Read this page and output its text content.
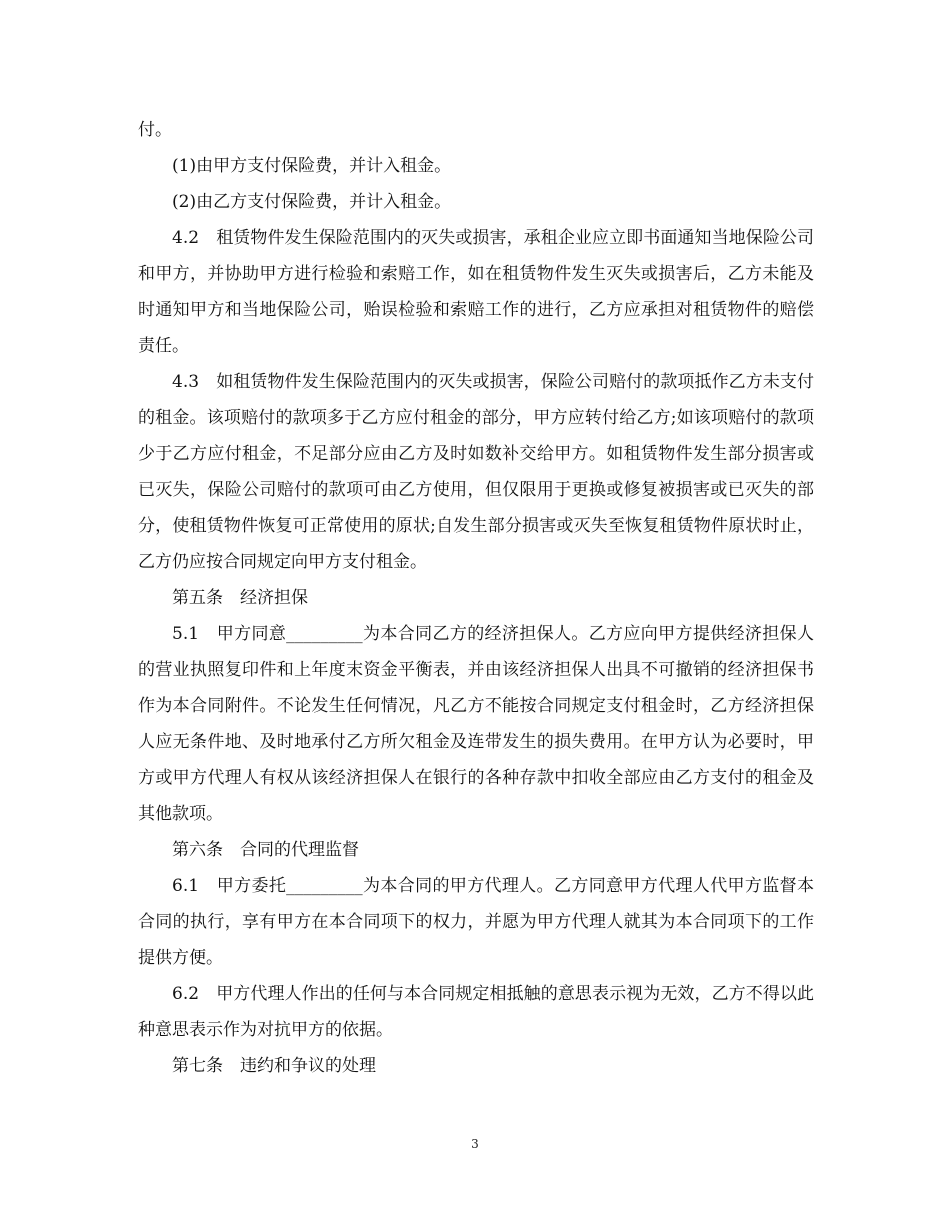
付。

(1)由甲方支付保险费，并计入租金。

(2)由乙方支付保险费，并计入租金。

4.2　租赁物件发生保险范围内的灭失或损害，承租企业应立即书面通知当地保险公司和甲方，并协助甲方进行检验和索赔工作，如在租赁物件发生灭失或损害后，乙方未能及时通知甲方和当地保险公司，贻误检验和索赔工作的进行，乙方应承担对租赁物件的赔偿责任。

4.3　如租赁物件发生保险范围内的灭失或损害，保险公司赔付的款项抵作乙方未支付的租金。该项赔付的款项多于乙方应付租金的部分，甲方应转付给乙方;如该项赔付的款项少于乙方应付租金，不足部分应由乙方及时如数补交给甲方。如租赁物件发生部分损害或已灭失，保险公司赔付的款项可由乙方使用，但仅限用于更换或修复被损害或已灭失的部分，使租赁物件恢复可正常使用的原状;自发生部分损害或灭失至恢复租赁物件原状时止，乙方仍应按合同规定向甲方支付租金。

第五条　经济担保

5.1　甲方同意_________为本合同乙方的经济担保人。乙方应向甲方提供经济担保人的营业执照复印件和上年度末资金平衡表，并由该经济担保人出具不可撤销的经济担保书作为本合同附件。不论发生任何情况，凡乙方不能按合同规定支付租金时，乙方经济担保人应无条件地、及时地承付乙方所欠租金及连带发生的损失费用。在甲方认为必要时，甲方或甲方代理人有权从该经济担保人在银行的各种存款中扣收全部应由乙方支付的租金及其他款项。

第六条　合同的代理监督

6.1　甲方委托_________为本合同的甲方代理人。乙方同意甲方代理人代甲方监督本合同的执行，享有甲方在本合同项下的权力，并愿为甲方代理人就其为本合同项下的工作提供方便。

6.2　甲方代理人作出的任何与本合同规定相抵触的意思表示视为无效，乙方不得以此种意思表示作为对抗甲方的依据。

第七条　违约和争议的处理

3
